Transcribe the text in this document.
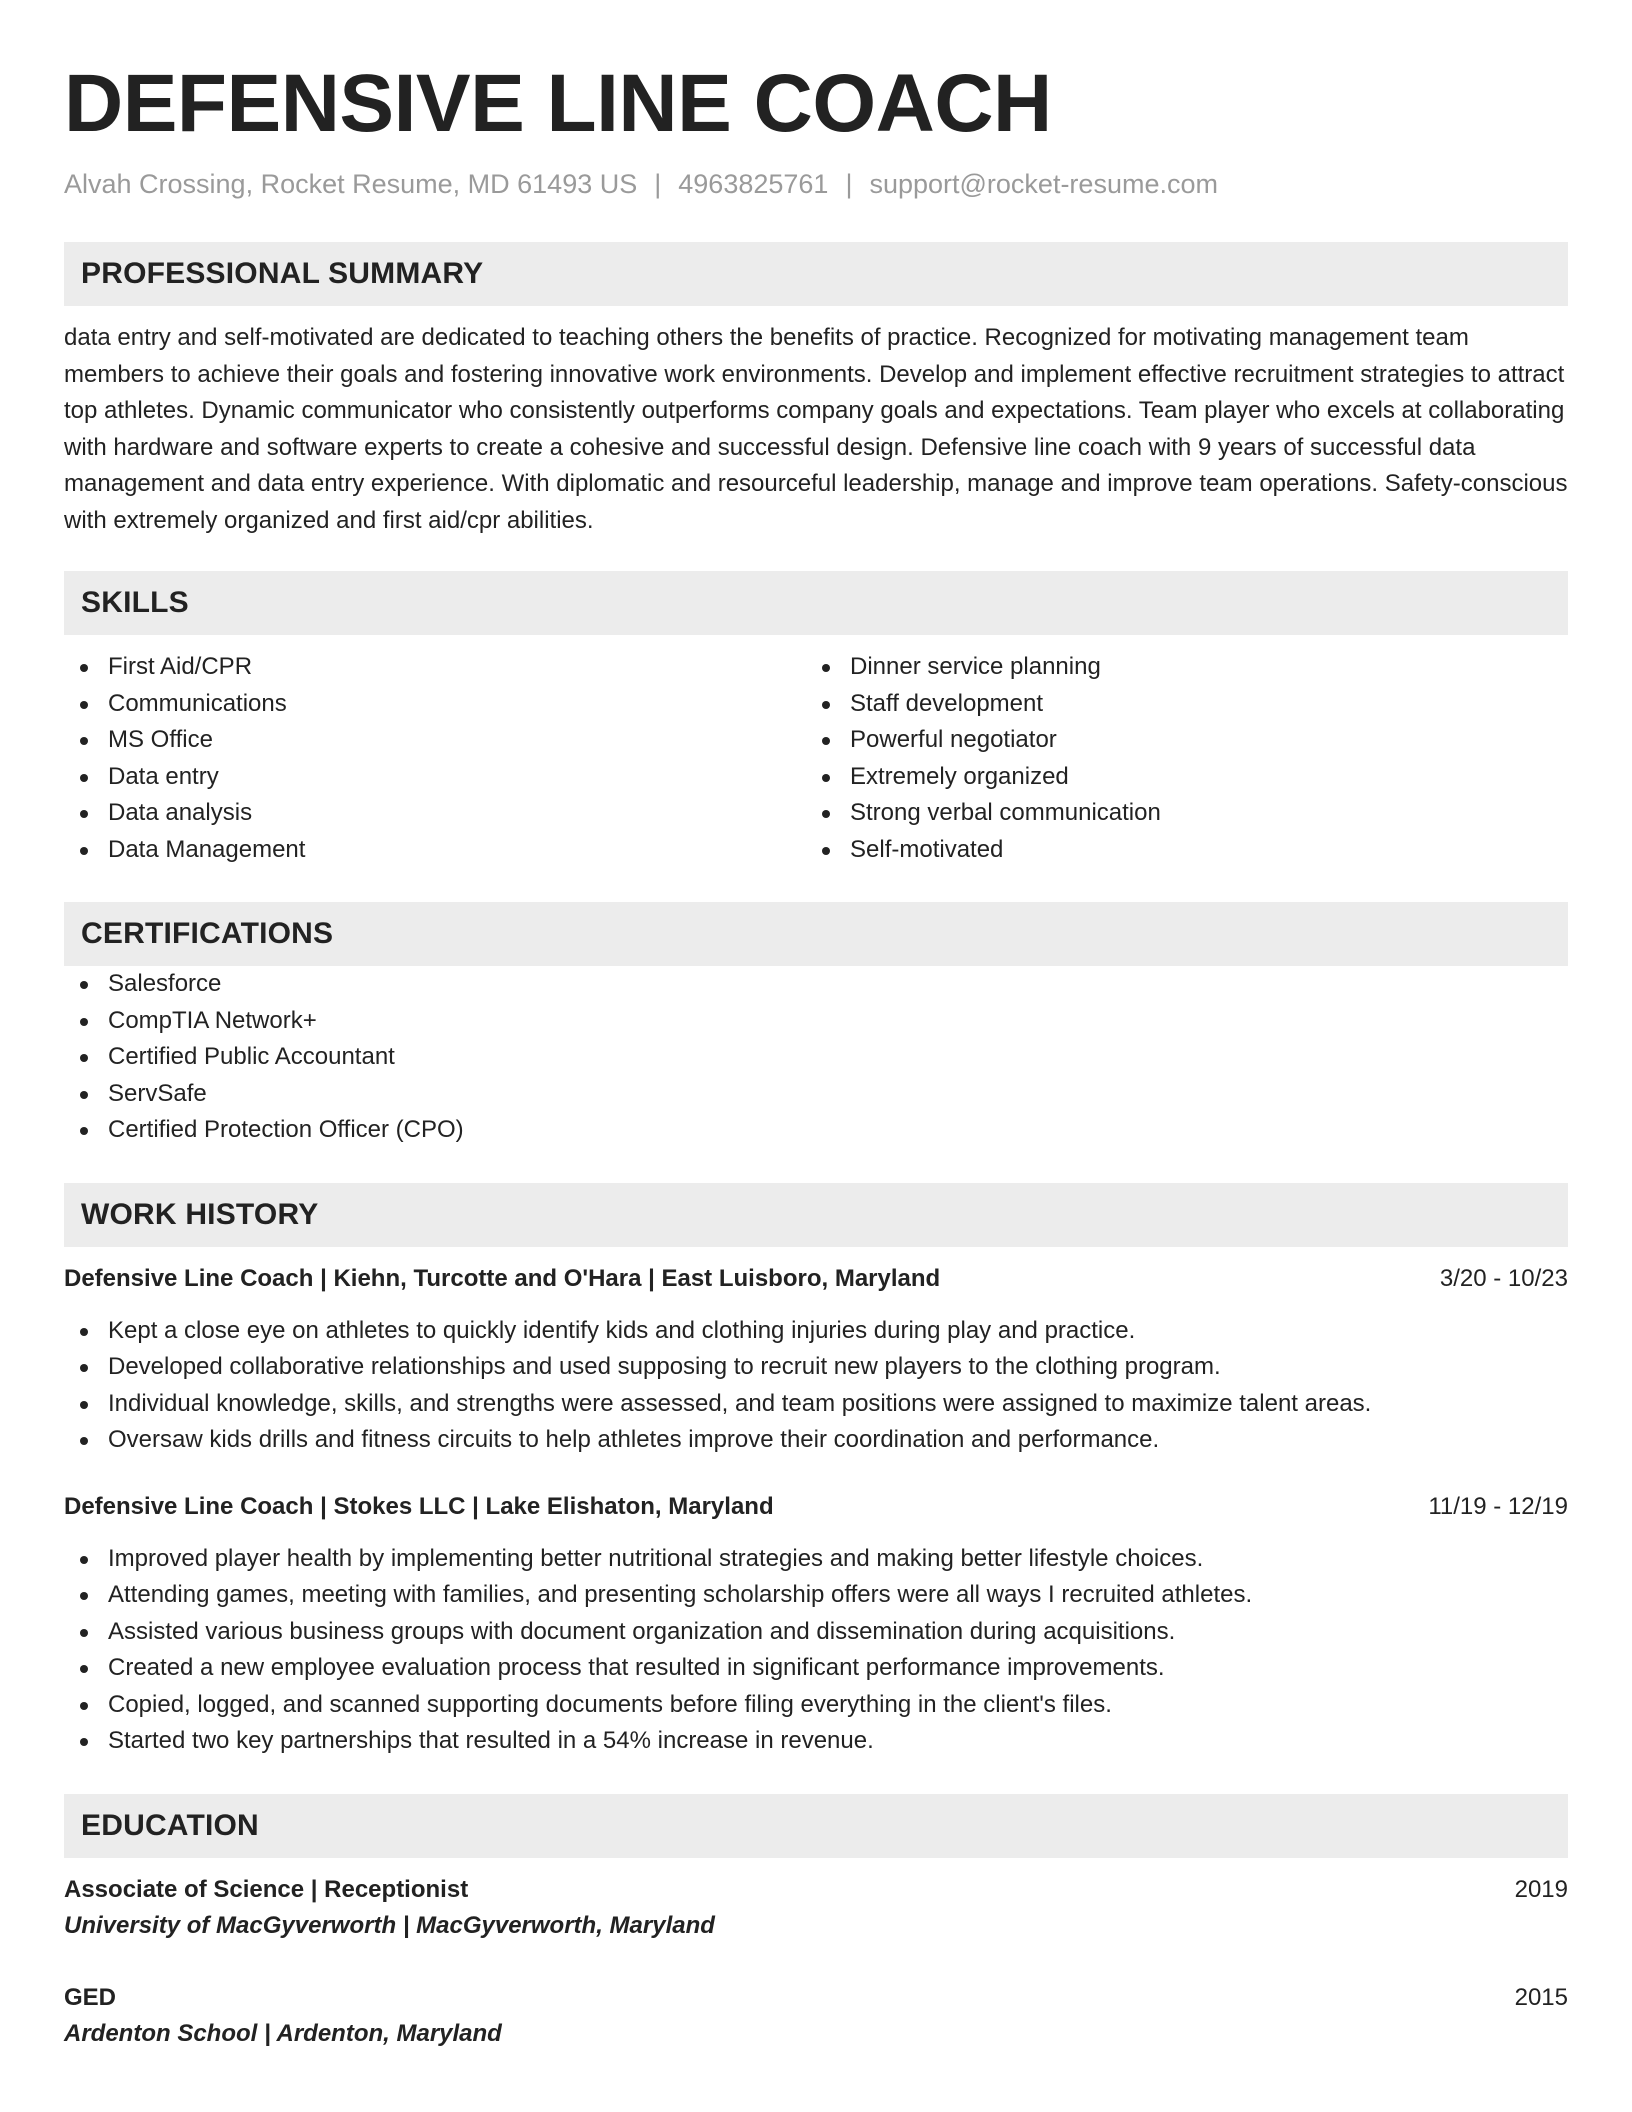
DEFENSIVE LINE COACH
Alvah Crossing, Rocket Resume, MD 61493 US | 4963825761 | support@rocket-resume.com
PROFESSIONAL SUMMARY

data entry and self-motivated are dedicated to teaching others the benefits of practice. Recognized for motivating management team members to achieve their goals and fostering innovative work environments. Develop and implement effective recruitment strategies to attract top athletes. Dynamic communicator who consistently outperforms company goals and expectations. Team player who excels at collaborating with hardware and software experts to create a cohesive and successful design. Defensive line coach with 9 years of successful data management and data entry experience. With diplomatic and resourceful leadership, manage and improve team operations. Safety-conscious with extremely organized and first aid/cpr abilities.

SKILLS
First Aid/CPR
Communications
MS Office
Data entry
Data analysis
Data Management
Dinner service planning
Staff development
Powerful negotiator
Extremely organized
Strong verbal communication
Self-motivated
CERTIFICATIONS
Salesforce
CompTIA Network+
Certified Public Accountant
ServSafe
Certified Protection Officer (CPO)
WORK HISTORY
Defensive Line Coach | Kiehn, Turcotte and O'Hara | East Luisboro, Maryland	3/20 - 10/23
Kept a close eye on athletes to quickly identify kids and clothing injuries during play and practice.
Developed collaborative relationships and used supposing to recruit new players to the clothing program.
Individual knowledge, skills, and strengths were assessed, and team positions were assigned to maximize talent areas.
Oversaw kids drills and fitness circuits to help athletes improve their coordination and performance.
Defensive Line Coach | Stokes LLC | Lake Elishaton, Maryland	11/19 - 12/19
Improved player health by implementing better nutritional strategies and making better lifestyle choices.
Attending games, meeting with families, and presenting scholarship offers were all ways I recruited athletes.
Assisted various business groups with document organization and dissemination during acquisitions.
Created a new employee evaluation process that resulted in significant performance improvements.
Copied, logged, and scanned supporting documents before filing everything in the client's files.
Started two key partnerships that resulted in a 54% increase in revenue.
EDUCATION
Associate of Science | Receptionist	2019
University of MacGyverworth | MacGyverworth, Maryland
GED	2015
Ardenton School | Ardenton, Maryland
